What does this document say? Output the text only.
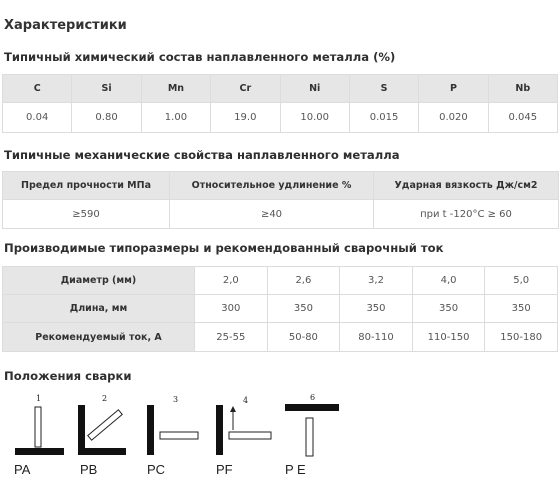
Характеристики
Типичный химический состав наплавленного металла (%)
C	Si	Mn	Cr	Ni	S	P	Nb
0.04	0.80	1.00	19.0	10.00	0.015	0.020	0.045
Типичные механические свойства наплавленного металла
Предел прочности МПа	Относительное удлинение %	Ударная вязкость Дж/см2
≥590	≥40	при t -120°С ≥ 60
Производимые типоразмеры и рекомендованный сварочный ток
Диаметр (мм)	2,0	2,6	3,2	4,0	5,0
Длина, мм	300	350	350	350	350
Рекомендуемый ток, А	25-55	50-80	80-110	110-150	150-180
Положения сварки
1	2	3	4	6
PA	PB	PC	PF	P E
